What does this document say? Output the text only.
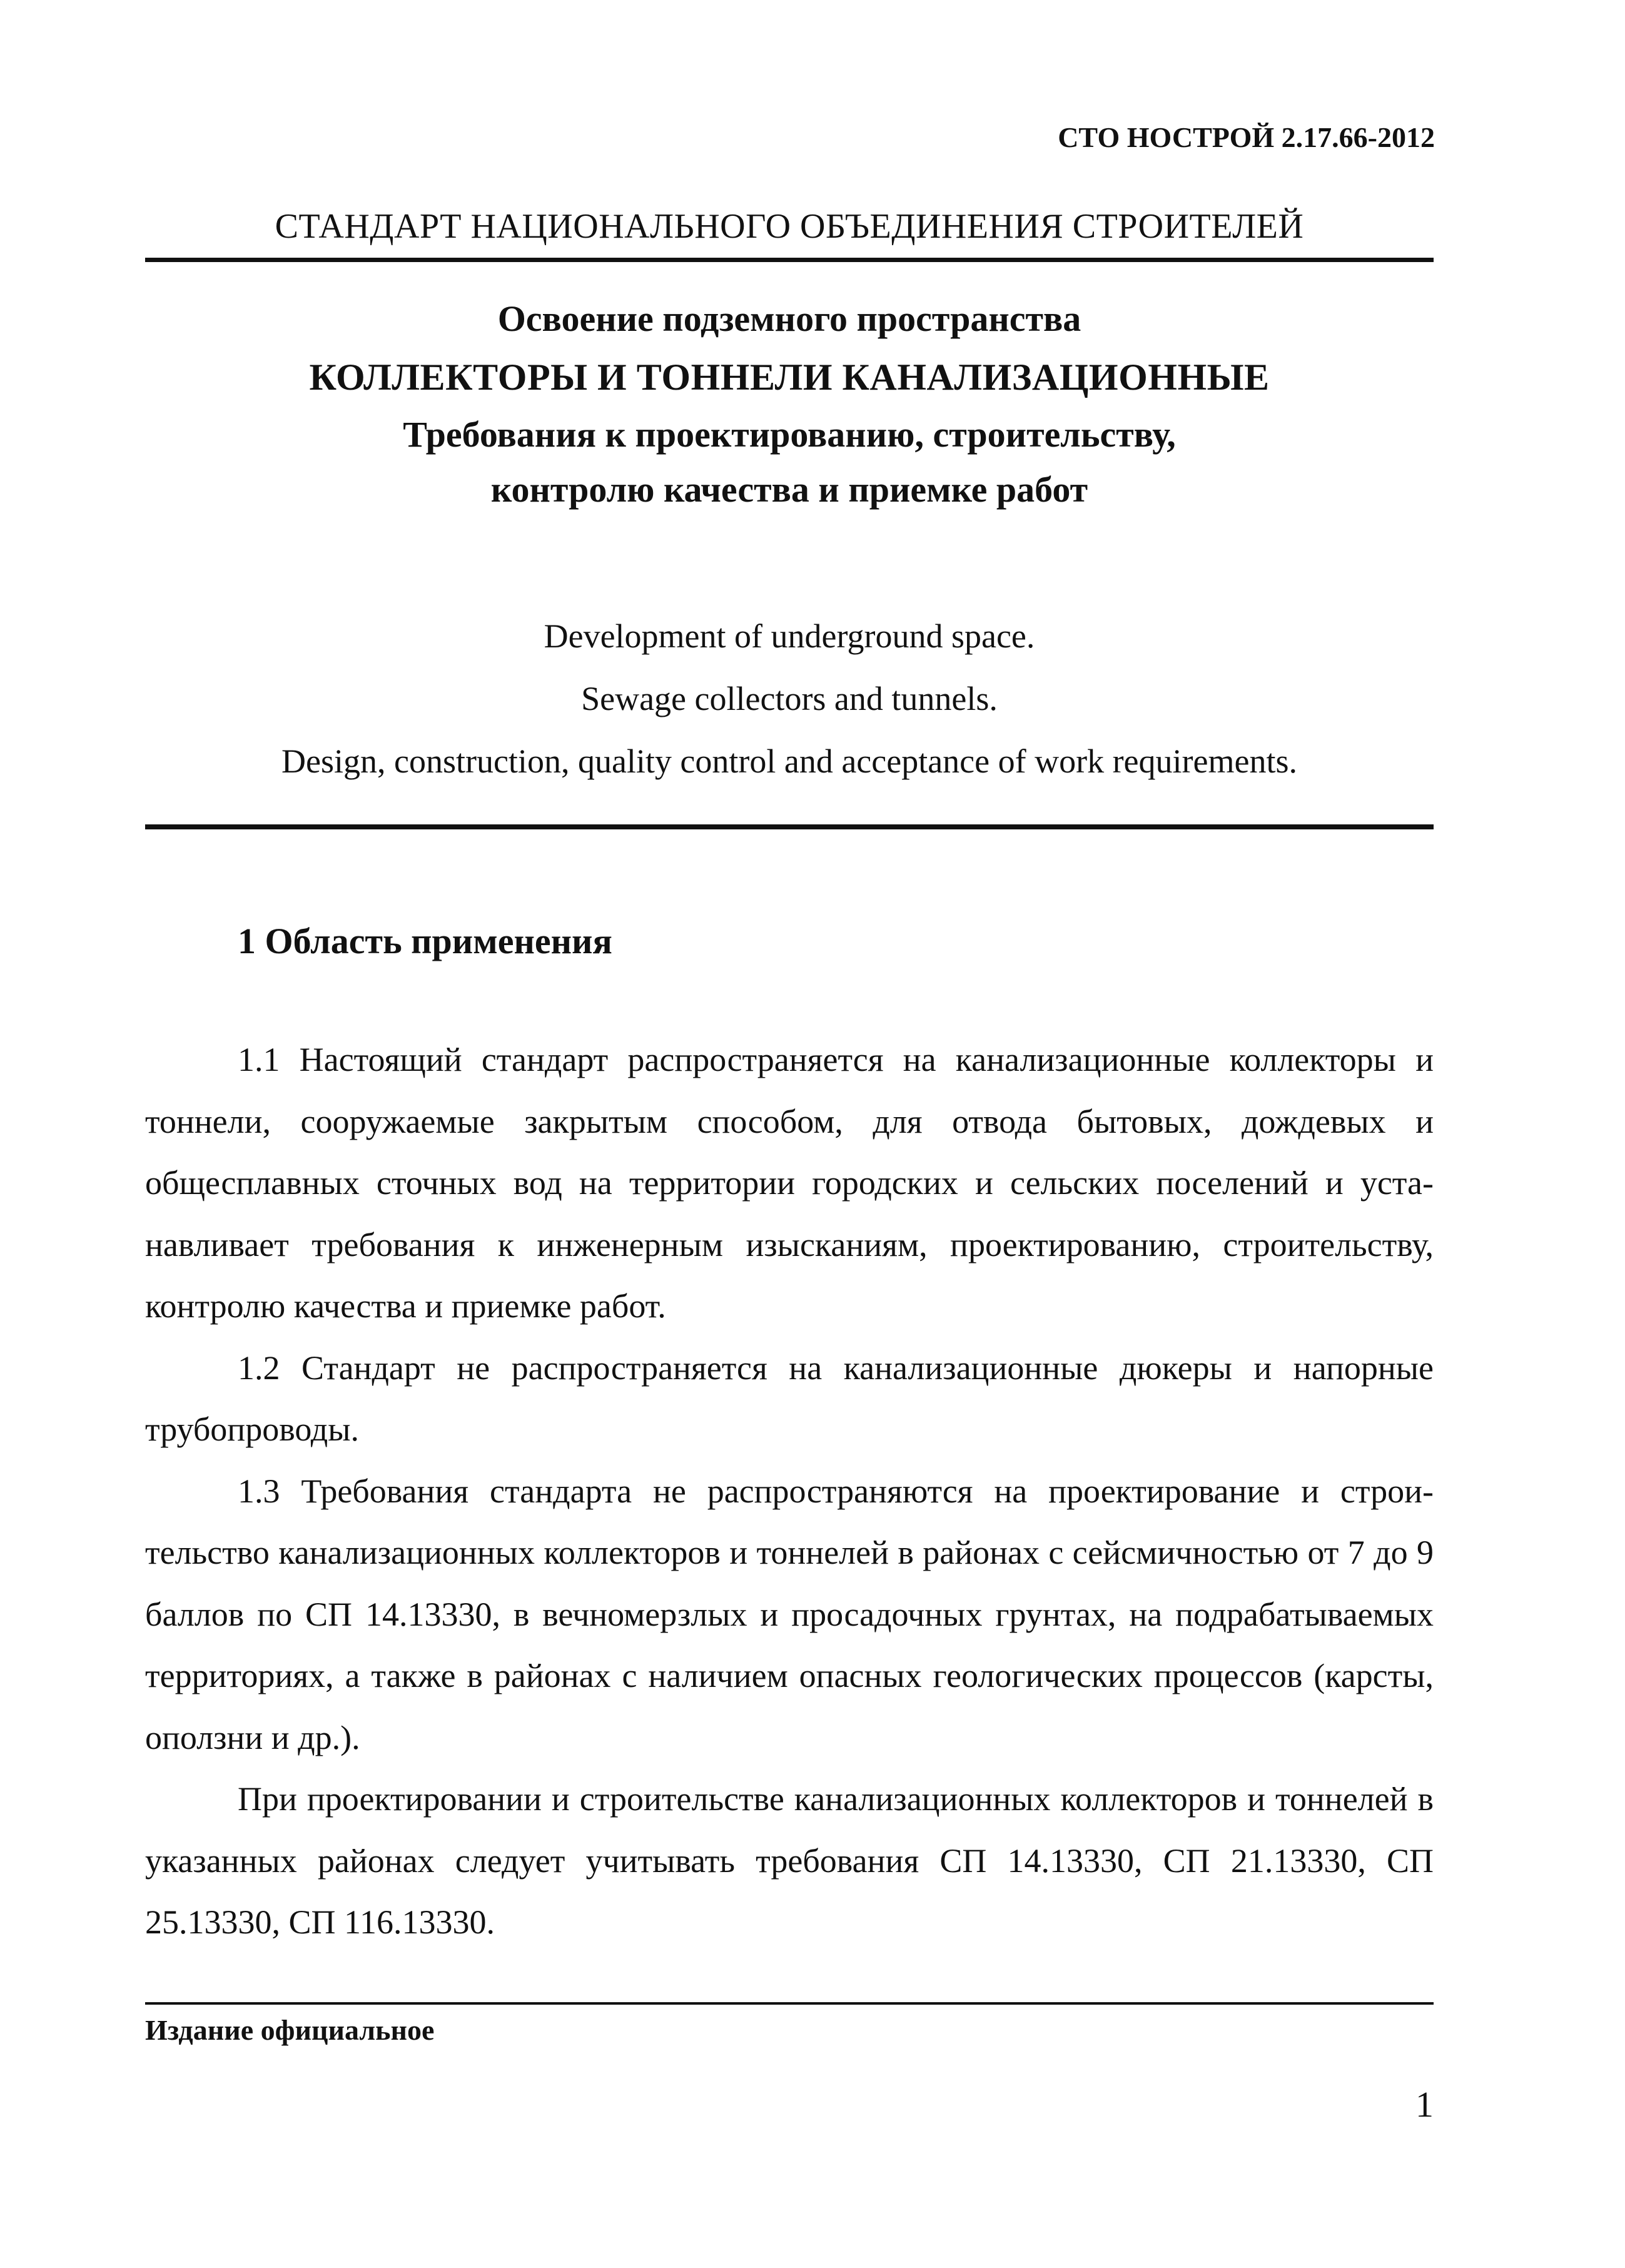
СТО НОСТРОЙ 2.17.66-2012
СТАНДАРТ НАЦИОНАЛЬНОГО ОБЪЕДИНЕНИЯ СТРОИТЕЛЕЙ
Освоение подземного пространства
КОЛЛЕКТОРЫ И ТОННЕЛИ КАНАЛИЗАЦИОННЫЕ
Требования к проектированию, строительству,
контролю качества и приемке работ
Development of underground space.
Sewage collectors and tunnels.
Design, construction, quality control and acceptance of work requirements.
1 Область применения

1.1 Настоящий стандарт распространяется на канализационные коллекторы и тоннели, сооружаемые закрытым способом, для отвода бытовых, дождевых и общесплавных сточных вод на территории городских и сельских поселений и устанавливает требования к инженерным изысканиям, проектированию, строительству, контролю качества и приемке работ.

1.2 Стандарт не распространяется на канализационные дюкеры и напорные трубопроводы.

1.3 Требования стандарта не распространяются на проектирование и строительство канализационных коллекторов и тоннелей в районах с сейсмичностью от 7 до 9 баллов по СП 14.13330, в вечномерзлых и просадочных грунтах, на подрабатываемых территориях, а также в районах с наличием опасных геологических процессов (карсты, оползни и др.).

При проектировании и строительстве канализационных коллекторов и тоннелей в указанных районах следует учитывать требования СП 14.13330, СП 21.13330, СП 25.13330, СП 116.13330.

Издание официальное
1
